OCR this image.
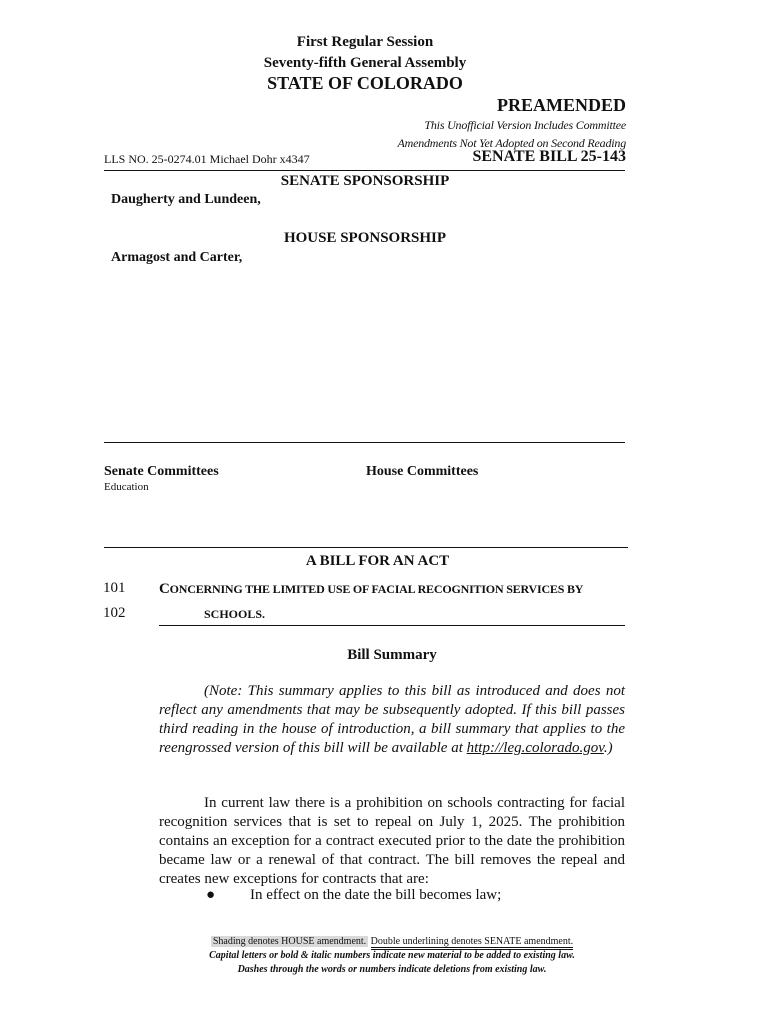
First Regular Session
Seventy-fifth General Assembly
STATE OF COLORADO
PREAMENDED
This Unofficial Version Includes Committee
Amendments Not Yet Adopted on Second Reading
LLS NO. 25-0274.01 Michael Dohr x4347	SENATE BILL 25-143
SENATE SPONSORSHIP
Daugherty and Lundeen,
HOUSE SPONSORSHIP
Armagost and Carter,
Senate Committees
Education
House Committees
A BILL FOR AN ACT
101
102
CONCERNING THE LIMITED USE OF FACIAL RECOGNITION SERVICES BY
SCHOOLS.
Bill Summary

(Note: This summary applies to this bill as introduced and does not reflect any amendments that may be subsequently adopted. If this bill passes third reading in the house of introduction, a bill summary that applies to the reengrossed version of this bill will be available at http://leg.colorado.gov.)

In current law there is a prohibition on schools contracting for facial recognition services that is set to repeal on July 1, 2025. The prohibition contains an exception for a contract executed prior to the date the prohibition became law or a renewal of that contract. The bill removes the repeal and creates new exceptions for contracts that are:

● In effect on the date the bill becomes law;
Shading denotes HOUSE amendment. Double underlining denotes SENATE amendment.
Capital letters or bold & italic numbers indicate new material to be added to existing law.
Dashes through the words or numbers indicate deletions from existing law.
